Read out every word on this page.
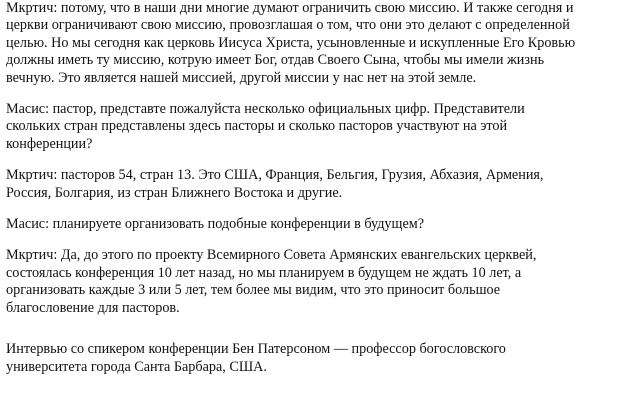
Мкртич: потому, что в наши дни многие думают ограничить свою миссию. И также сегодня и
церкви ограничивают свою миссию, провозглашая о том, что они это делают с определенной
целью. Но мы сегодня как церковь Иисуса Христа, усыновленные и искупленные Его Кровью
должны иметь ту миссию, котрую имеет Бог, отдав Своего Сына, чтобы мы имели жизнь
вечную. Это является нашей миссией, другой миссии у нас нет на этой земле.

Масис: пастор, представте пожалуйста несколько официальных цифр. Представители
скольких стран представлены здесь пасторы и сколько пасторов участвуют на этой
конференции?

Мкртич: пасторов 54, стран 13. Это США, Франция, Бельгия, Грузия, Абхазия, Армения,
Россия, Болгария, из стран Ближнего Востока и другие.

Масис: планируете организовать подобные конференции в будущем?

Мкртич: Да, до этого по проекту Всемирного Совета Армянских евангельских церквей,
состоялась конференция 10 лет назад, но мы планируем в будущем не ждать 10 лет, а
организовать каждые 3 или 5 лет, тем более мы видим, что это приносит большое
благословение для пасторов.

Интервью со спикером конференции Бен Патерсоном — профессор богословского
университета города Санта Барбара, США.
